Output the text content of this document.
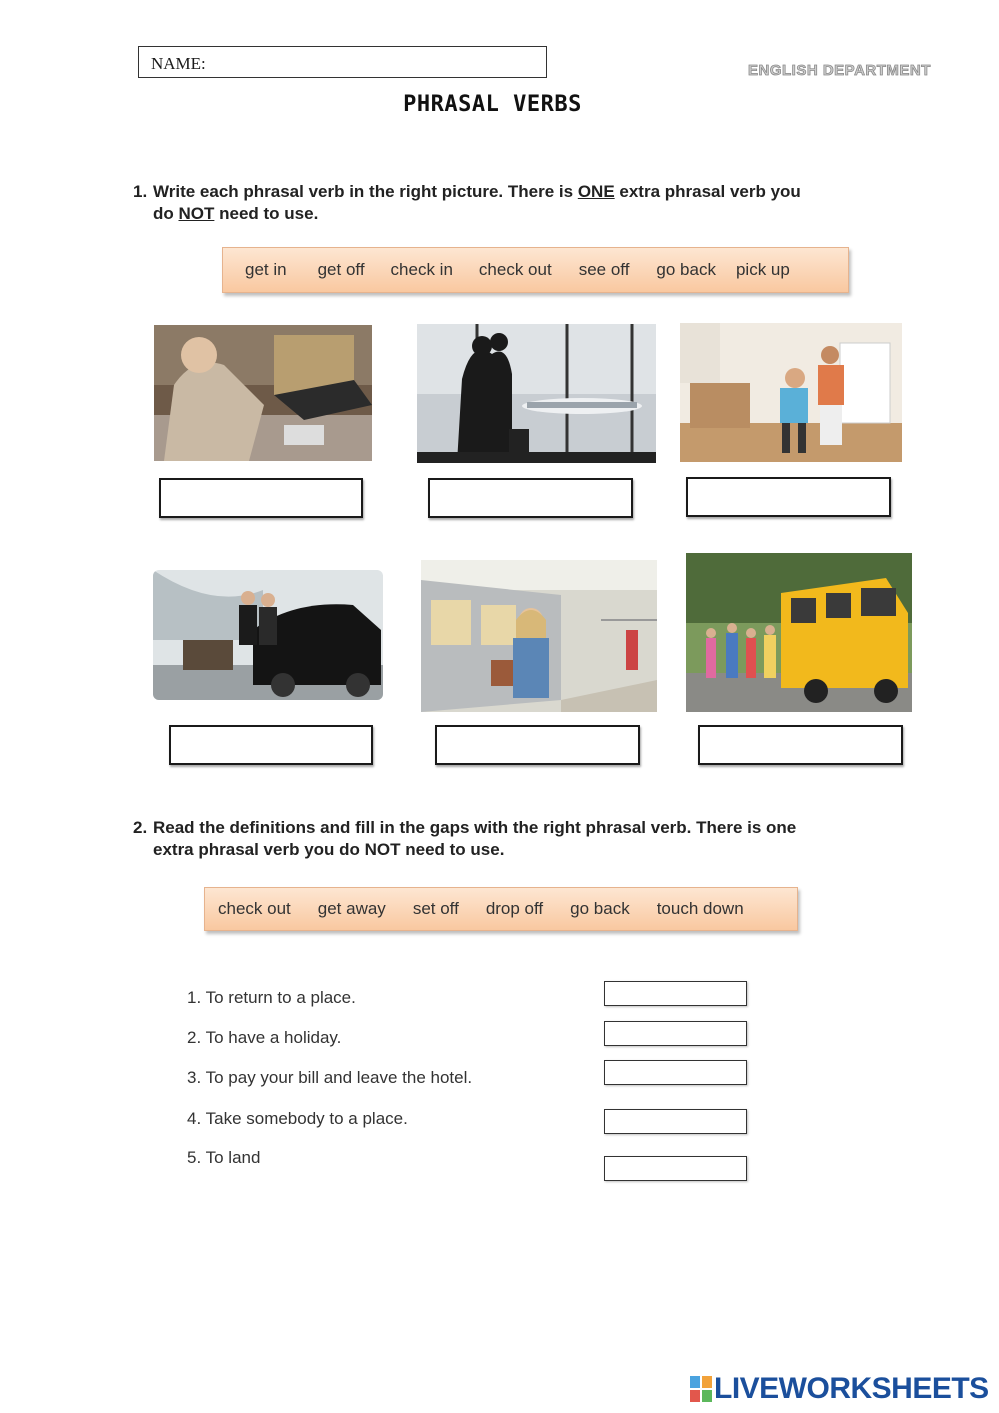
NAME:	ENGLISH DEPARTMENT
PHRASAL VERBS
1. Write each phrasal verb in the right picture. There is ONE extra phrasal verb you
do NOT need to use.
get in get off check in check out see off go back pick up
2. Read the definitions and fill in the gaps with the right phrasal verb. There is one
extra phrasal verb you do NOT need to use.
check out get away set off drop off go back touch down
1. To return to a place.
2. To have a holiday.
3. To pay your bill and leave the hotel.
4. Take somebody to a place.
5. To land
LIVEWORKSHEETS
